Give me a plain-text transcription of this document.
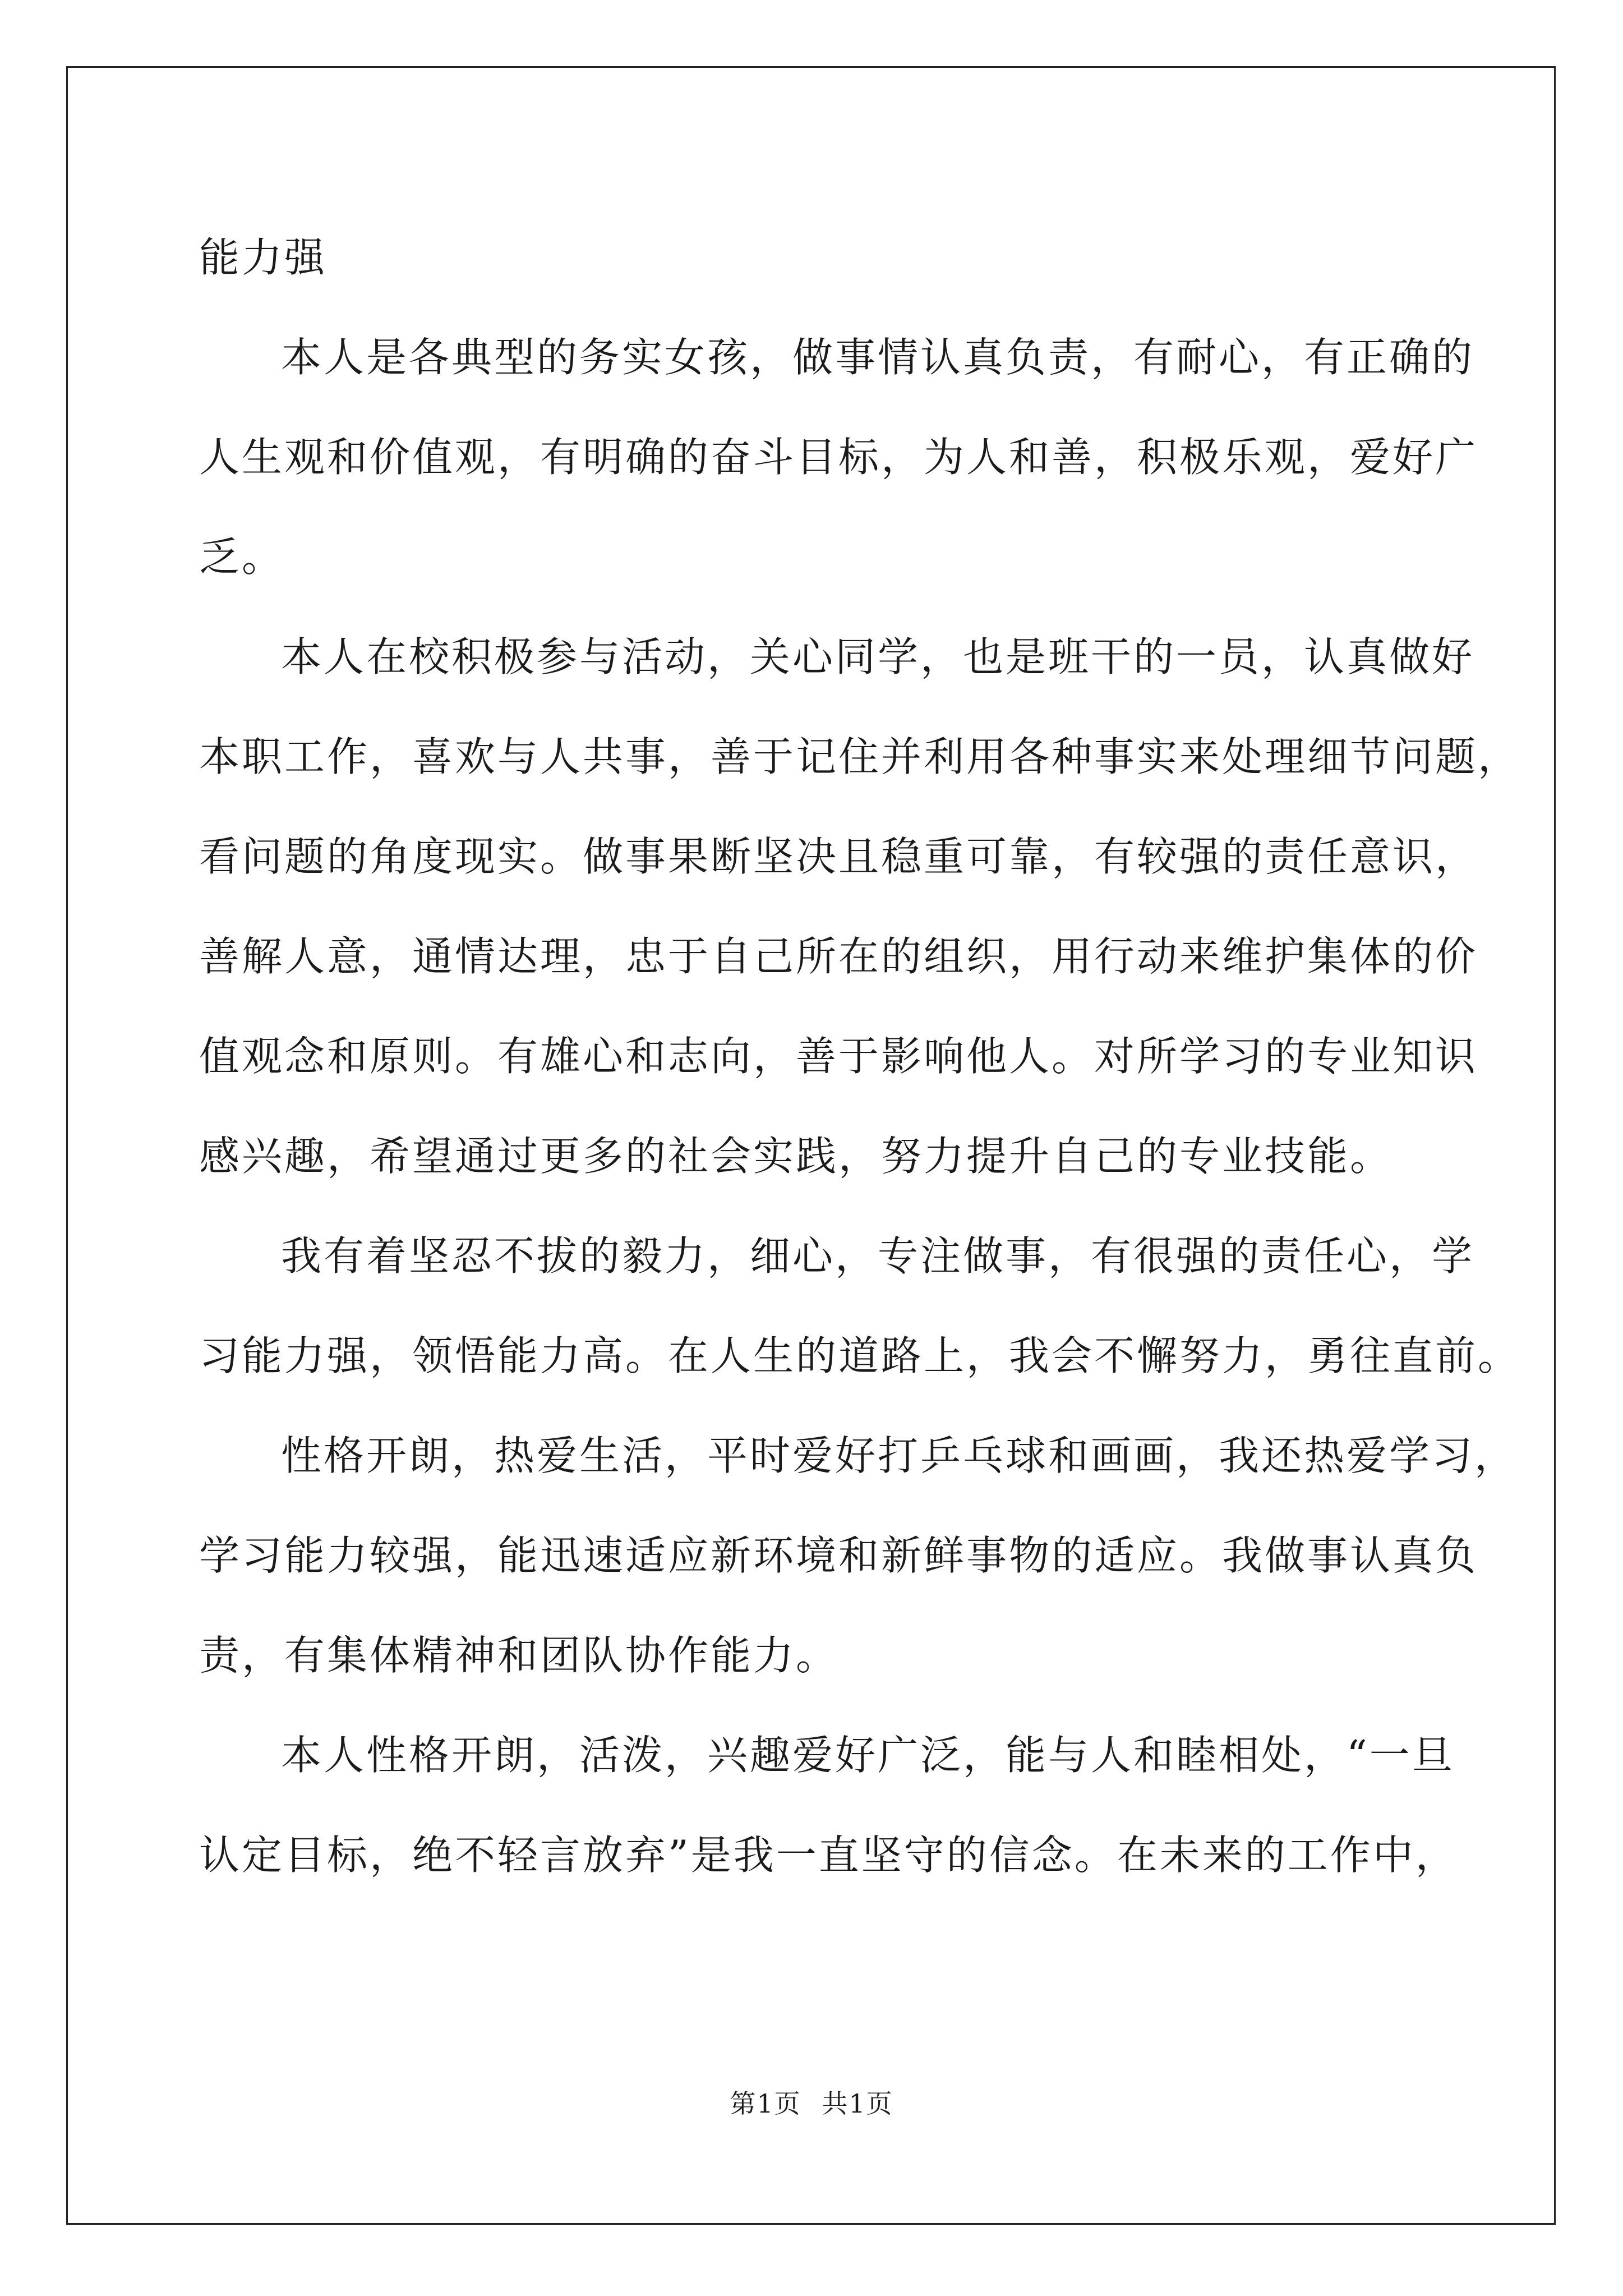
能力强
本人是各典型的务实女孩，做事情认真负责，有耐心，有正确的
人生观和价值观，有明确的奋斗目标，为人和善，积极乐观，爱好广
乏。
本人在校积极参与活动，关心同学，也是班干的一员，认真做好
本职工作，喜欢与人共事，善于记住并利用各种事实来处理细节问题，
看问题的角度现实。做事果断坚决且稳重可靠，有较强的责任意识，
善解人意，通情达理，忠于自己所在的组织，用行动来维护集体的价
值观念和原则。有雄心和志向，善于影响他人。对所学习的专业知识
感兴趣，希望通过更多的社会实践，努力提升自己的专业技能。
我有着坚忍不拔的毅力，细心，专注做事，有很强的责任心，学
习能力强，领悟能力高。在人生的道路上，我会不懈努力，勇往直前。
性格开朗，热爱生活，平时爱好打乒乓球和画画，我还热爱学习，
学习能力较强，能迅速适应新环境和新鲜事物的适应。我做事认真负
责，有集体精神和团队协作能力。
本人性格开朗，活泼，兴趣爱好广泛，能与人和睦相处，“一旦
认定目标，绝不轻言放弃”是我一直坚守的信念。在未来的工作中，
第1页 共1页
